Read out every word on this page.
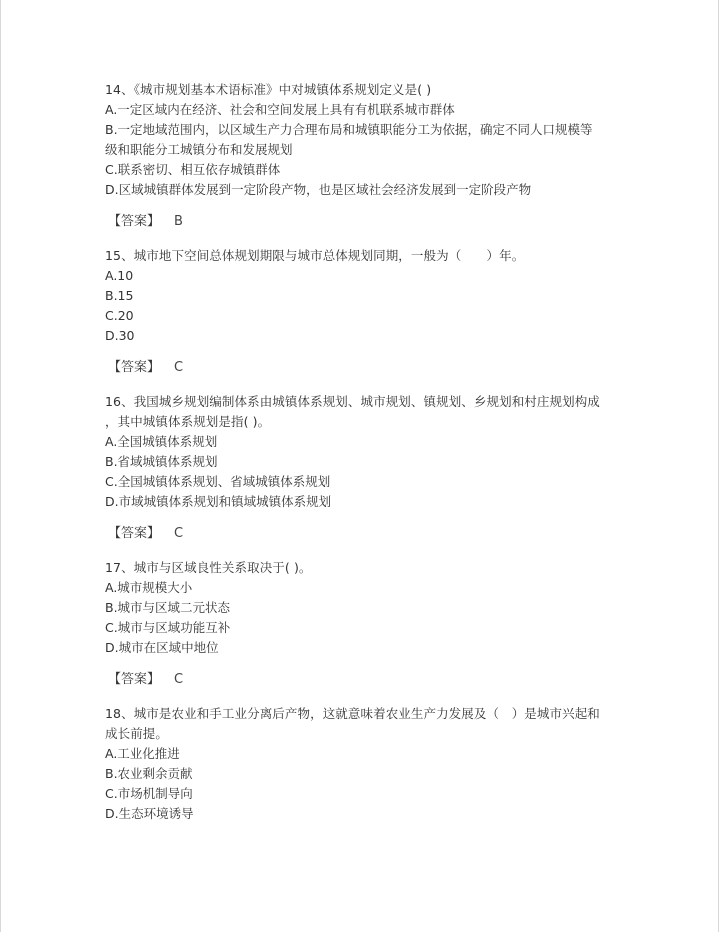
14、《城市规划基本术语标准》中对城镇体系规划定义是( )
A.一定区域内在经济、社会和空间发展上具有有机联系城市群体
B.一定地域范围内，以区域生产力合理布局和城镇职能分工为依据，确定不同人口规模等
级和职能分工城镇分布和发展规划
C.联系密切、相互依存城镇群体
D.区域城镇群体发展到一定阶段产物，也是区域社会经济发展到一定阶段产物
【答案】 B
15、城市地下空间总体规划期限与城市总体规划同期，一般为（　　）年。
A.10
B.15
C.20
D.30
【答案】 C
16、我国城乡规划编制体系由城镇体系规划、城市规划、镇规划、乡规划和村庄规划构成
，其中城镇体系规划是指( )。
A.全国城镇体系规划
B.省域城镇体系规划
C.全国城镇体系规划、省域城镇体系规划
D.市域城镇体系规划和镇域城镇体系规划
【答案】 C
17、城市与区域良性关系取决于( )。
A.城市规模大小
B.城市与区域二元状态
C.城市与区域功能互补
D.城市在区域中地位
【答案】 C
18、城市是农业和手工业分离后产物，这就意味着农业生产力发展及（　）是城市兴起和
成长前提。
A.工业化推进
B.农业剩余贡献
C.市场机制导向
D.生态环境诱导
